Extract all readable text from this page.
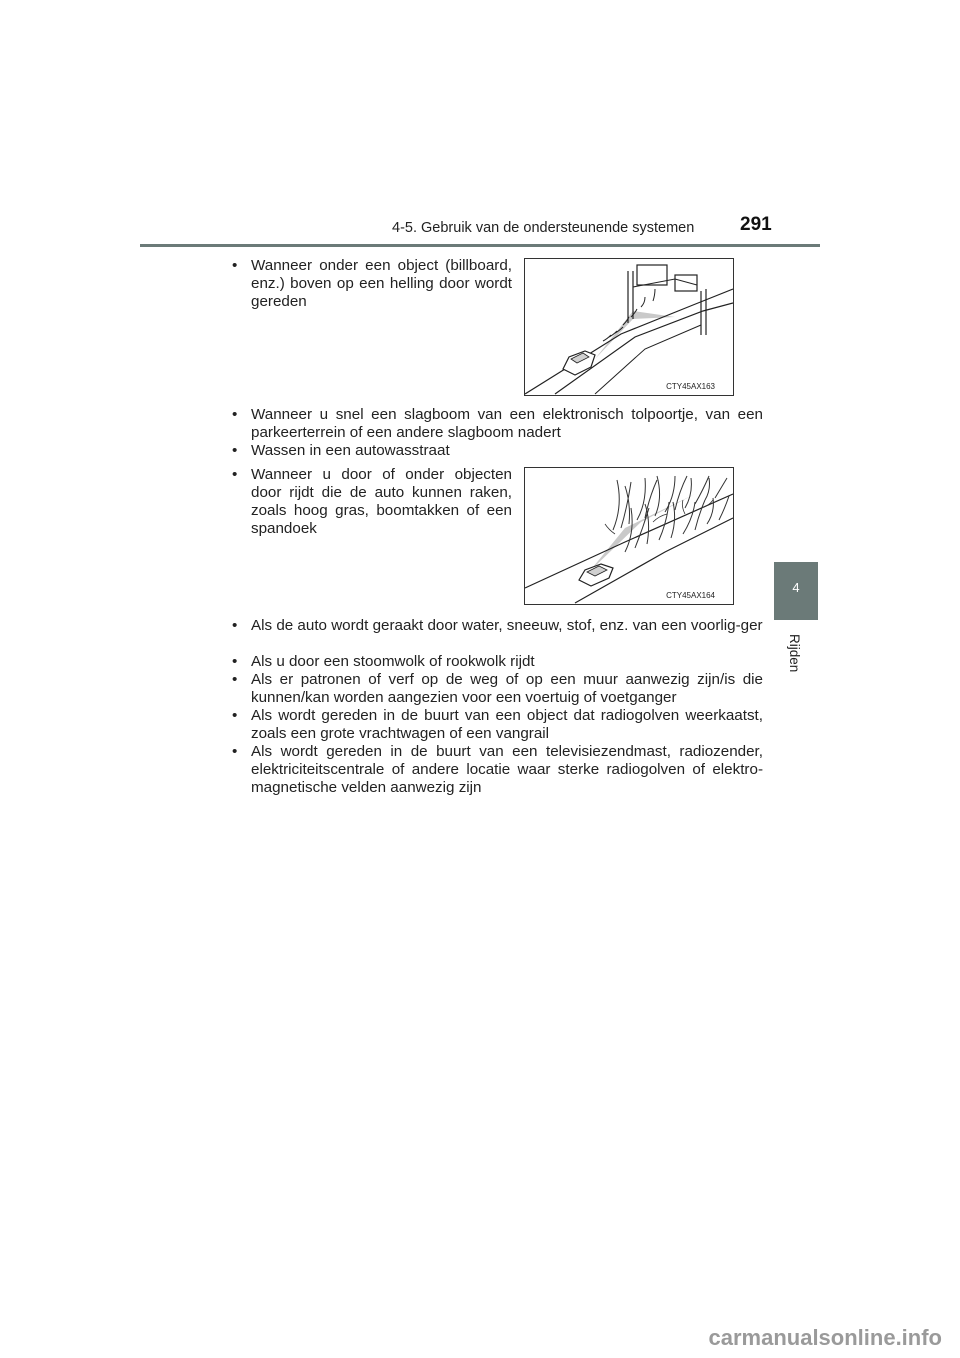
4-5. Gebruik van de ondersteunende systemen 291
4
Rijden

• Wanneer onder een object (billboard, enz.) boven op een helling door wordt gereden

CTY45AX163

• Wanneer u snel een slagboom van een elektronisch tolpoortje, van een parkeerterrein of een andere slagboom nadert

• Wassen in een autowasstraat

• Wanneer u door of onder objecten door rijdt die de auto kunnen raken, zoals hoog gras, boomtakken of een spandoek

CTY45AX164

• Als de auto wordt geraakt door water, sneeuw, stof, enz. van een voorlig-ger

• Als u door een stoomwolk of rookwolk rijdt

• Als er patronen of verf op de weg of op een muur aanwezig zijn/is die kunnen/kan worden aangezien voor een voertuig of voetganger

• Als wordt gereden in de buurt van een object dat radiogolven weerkaatst, zoals een grote vrachtwagen of een vangrail

• Als wordt gereden in de buurt van een televisiezendmast, radiozender, elektriciteitscentrale of andere locatie waar sterke radiogolven of elektro-magnetische velden aanwezig zijn

carmanualsonline.info
